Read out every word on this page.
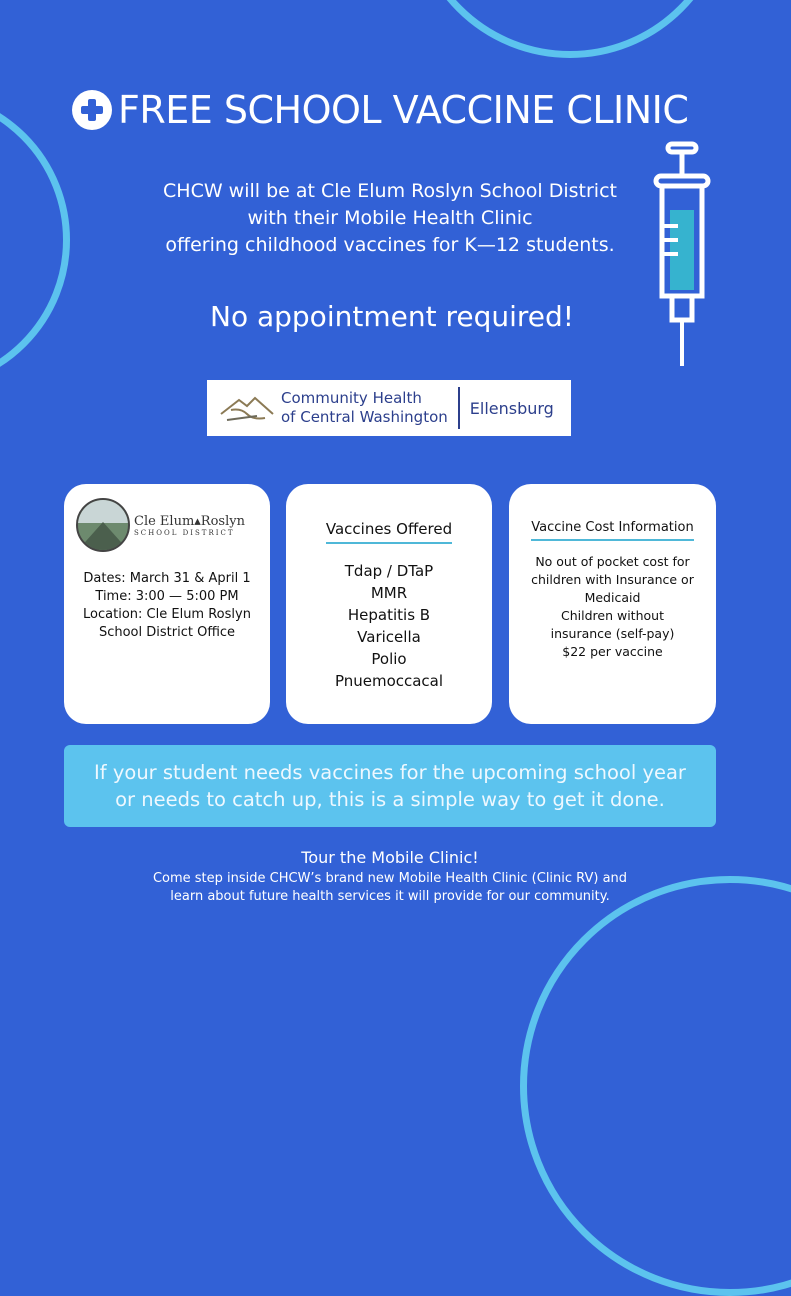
FREE SCHOOL VACCINE CLINIC
CHCW will be at Cle Elum Roslyn School District
with their Mobile Health Clinic
offering childhood vaccines for K—12 students.
No appointment required!
Community Health
of Central Washington Ellensburg
Cle Elum▴Roslyn
SCHOOL DISTRICT
Dates: March 31 & April 1
Time: 3:00 — 5:00 PM
Location: Cle Elum Roslyn
School District Office
Vaccines Offered
Tdap / DTaP
MMR
Hepatitis B
Varicella
Polio
Pnuemoccacal
Vaccine Cost Information
No out of pocket cost for
children with Insurance or
Medicaid
Children without
insurance (self-pay)
$22 per vaccine
If your student needs vaccines for the upcoming school year
or needs to catch up, this is a simple way to get it done.
Tour the Mobile Clinic!
Come step inside CHCW’s brand new Mobile Health Clinic (Clinic RV) and
learn about future health services it will provide for our community.
